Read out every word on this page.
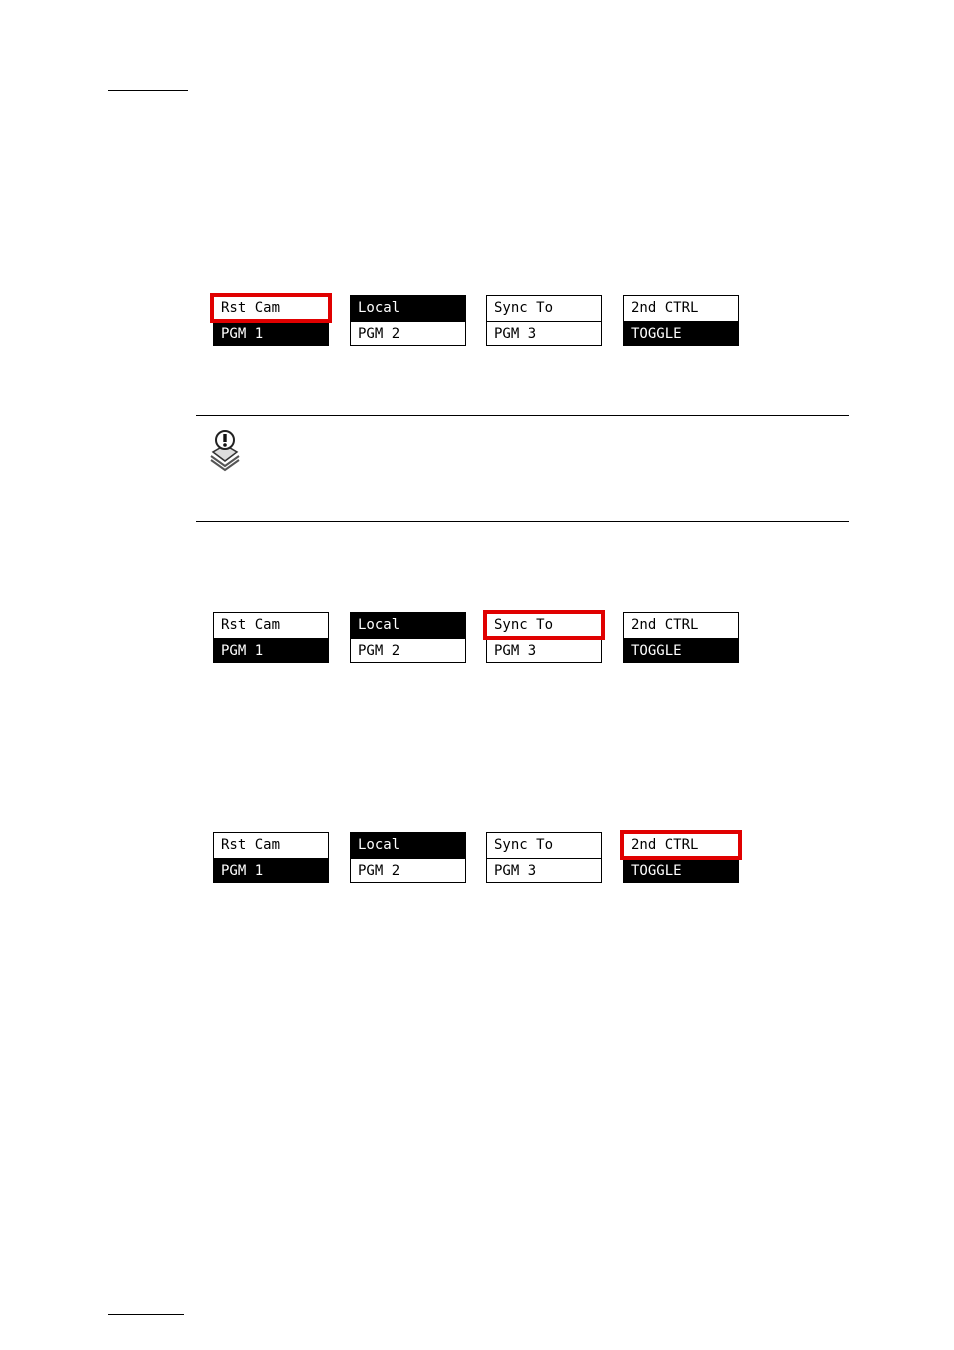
Rst Cam
PGM 1
Local
PGM 2
Sync To
PGM 3
2nd CTRL
TOGGLE
Rst Cam
PGM 1
Local
PGM 2
Sync To
PGM 3
2nd CTRL
TOGGLE
Rst Cam
PGM 1
Local
PGM 2
Sync To
PGM 3
2nd CTRL
TOGGLE
